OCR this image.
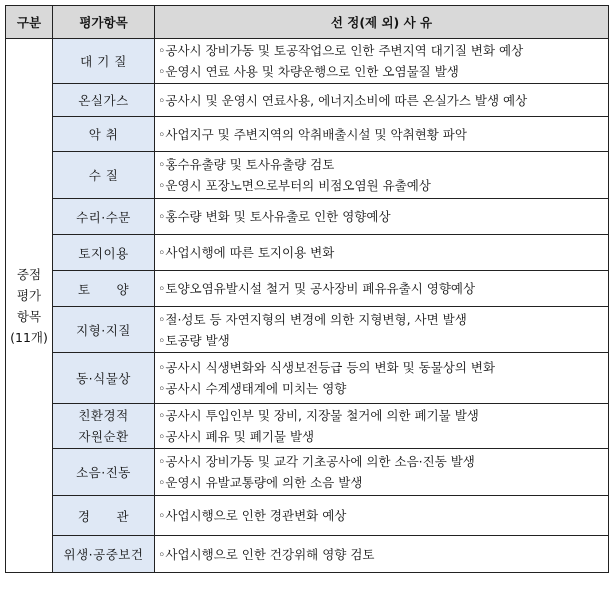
구분	평가항목	선 정(제 외) 사 유

중점
평가
항목
(11개)	대 기 질	◦공사시 장비가동 및 토공작업으로 인한 주변지역 대기질 변화 예상
◦운영시 연료 사용 및 차량운행으로 인한 오염물질 발생

	온실가스	◦공사시 및 운영시 연료사용, 에너지소비에 따른 온실가스 발생 예상

	악 취	◦사업지구 및 주변지역의 악취배출시설 및 악취현황 파악

	수 질	◦홍수유출량 및 토사유출량 검토
◦운영시 포장노면으로부터의 비점오염원 유출예상

	수리·수문	◦홍수량 변화 및 토사유출로 인한 영향예상

	토지이용	◦사업시행에 따른 토지이용 변화

	토　　양	◦토양오염유발시설 철거 및 공사장비 폐유유출시 영향예상

	지형·지질	◦절·성토 등 자연지형의 변경에 의한 지형변형, 사면 발생
◦토공량 발생

	동·식물상	◦공사시 식생변화와 식생보전등급 등의 변화 및 동물상의 변화
◦공사시 수계생태계에 미치는 영향

	친환경적
자원순환	◦공사시 투입인부 및 장비, 지장물 철거에 의한 폐기물 발생
◦공사시 폐유 및 폐기물 발생

	소음·진동	◦공사시 장비가동 및 교각 기초공사에 의한 소음·진동 발생
◦운영시 유발교통량에 의한 소음 발생

	경　　관	◦사업시행으로 인한 경관변화 예상

	위생·공중보건	◦사업시행으로 인한 건강위해 영향 검토
